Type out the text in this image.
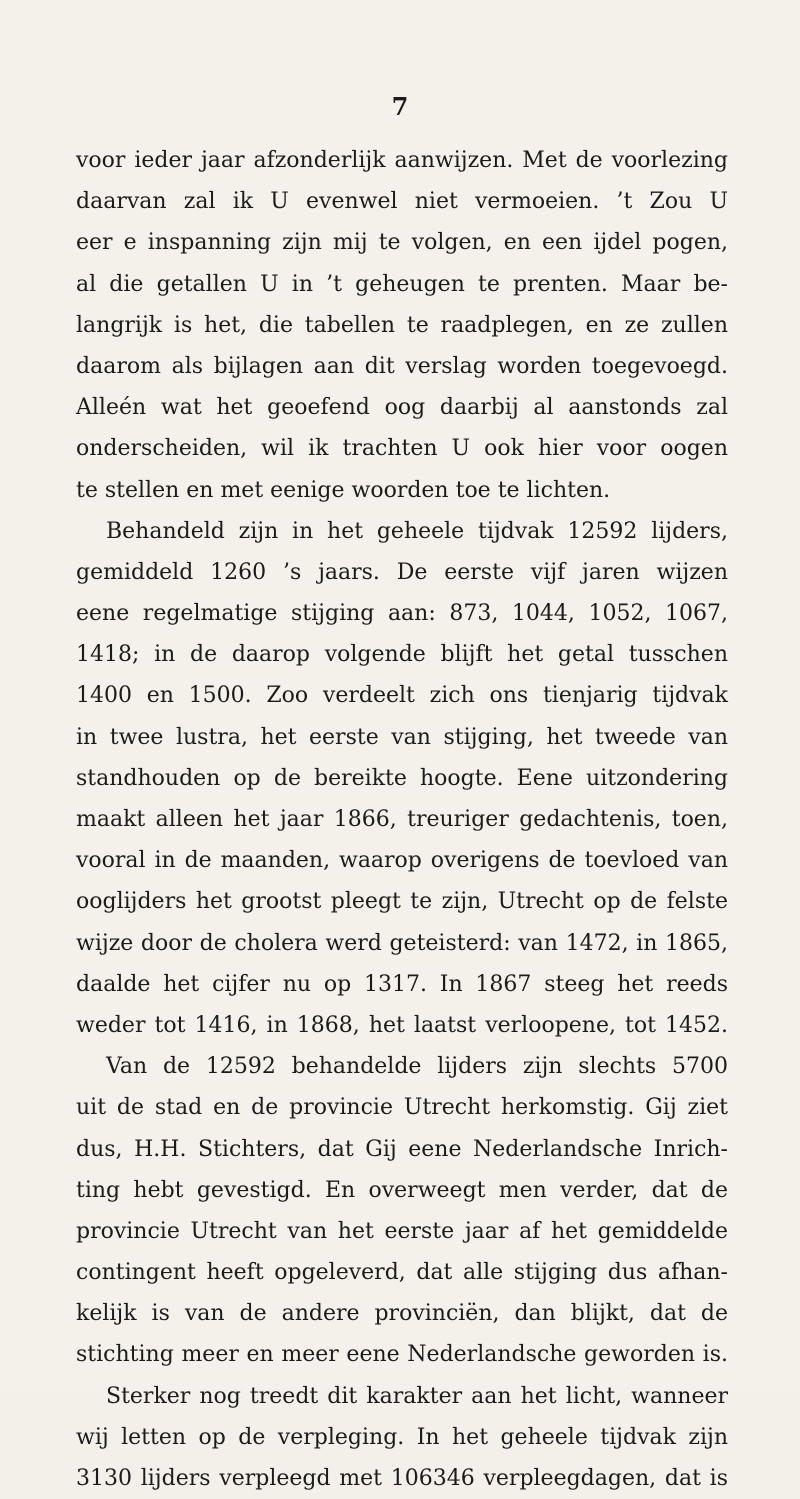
7
voor ieder jaar afzonderlijk aanwijzen. Met de voorlezing
daarvan zal ik U evenwel niet vermoeien. ’t Zou U
eer e inspanning zijn mij te volgen, en een ijdel pogen,
al die getallen U in ’t geheugen te prenten. Maar be-
langrijk is het, die tabellen te raadplegen, en ze zullen
daarom als bijlagen aan dit verslag worden toegevoegd.
Alleén wat het geoefend oog daarbij al aanstonds zal
onderscheiden, wil ik trachten U ook hier voor oogen
te stellen en met eenige woorden toe te lichten.
Behandeld zijn in het geheele tijdvak 12592 lijders,
gemiddeld 1260 ’s jaars. De eerste vijf jaren wijzen
eene regelmatige stijging aan: 873, 1044, 1052, 1067,
1418; in de daarop volgende blijft het getal tusschen
1400 en 1500. Zoo verdeelt zich ons tienjarig tijdvak
in twee lustra, het eerste van stijging, het tweede van
standhouden op de bereikte hoogte. Eene uitzondering
maakt alleen het jaar 1866, treuriger gedachtenis, toen,
vooral in de maanden, waarop overigens de toevloed van
ooglijders het grootst pleegt te zijn, Utrecht op de felste
wijze door de cholera werd geteisterd: van 1472, in 1865,
daalde het cijfer nu op 1317. In 1867 steeg het reeds
weder tot 1416, in 1868, het laatst verloopene, tot 1452.
Van de 12592 behandelde lijders zijn slechts 5700
uit de stad en de provincie Utrecht herkomstig. Gij ziet
dus, H.H. Stichters, dat Gij eene Nederlandsche Inrich-
ting hebt gevestigd. En overweegt men verder, dat de
provincie Utrecht van het eerste jaar af het gemiddelde
contingent heeft opgeleverd, dat alle stijging dus afhan-
kelijk is van de andere provinciën, dan blijkt, dat de
stichting meer en meer eene Nederlandsche geworden is.
Sterker nog treedt dit karakter aan het licht, wanneer
wij letten op de verpleging. In het geheele tijdvak zijn
3130 lijders verpleegd met 106346 verpleegdagen, dat is
